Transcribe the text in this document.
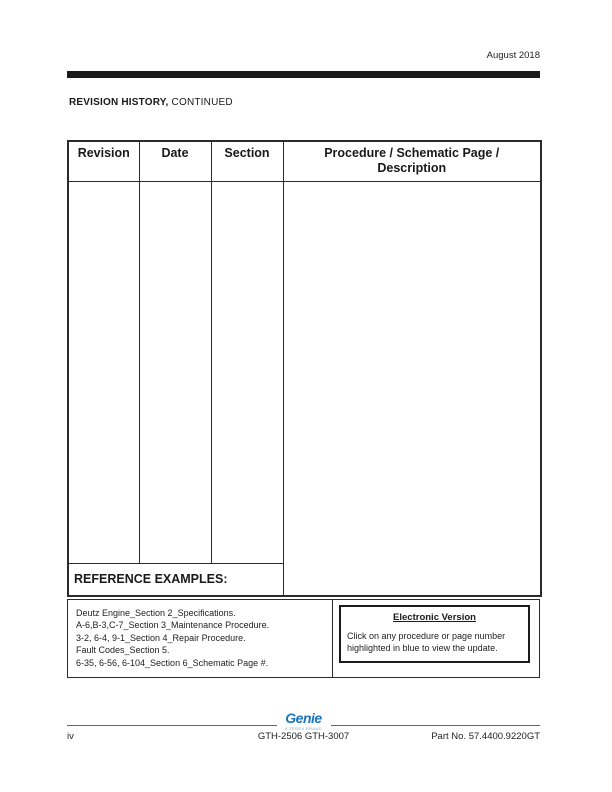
August 2018
REVISION HISTORY, CONTINUED
Revision	Date	Section	Procedure / Schematic Page /
Description

REFERENCE EXAMPLES:			
Deutz Engine_Section 2_Specifications.
A-6,B-3,C-7_Section 3_Maintenance Procedure.
3-2, 6-4, 9-1_Section 4_Repair Procedure.
Fault Codes_Section 5.
6-35, 6-56, 6-104_Section 6_Schematic Page #.
Electronic Version
Click on any procedure or page number highlighted in blue to view the update.
Genie
A TEREX BRAND
iv	GTH-2506 GTH-3007	Part No. 57.4400.9220GT
